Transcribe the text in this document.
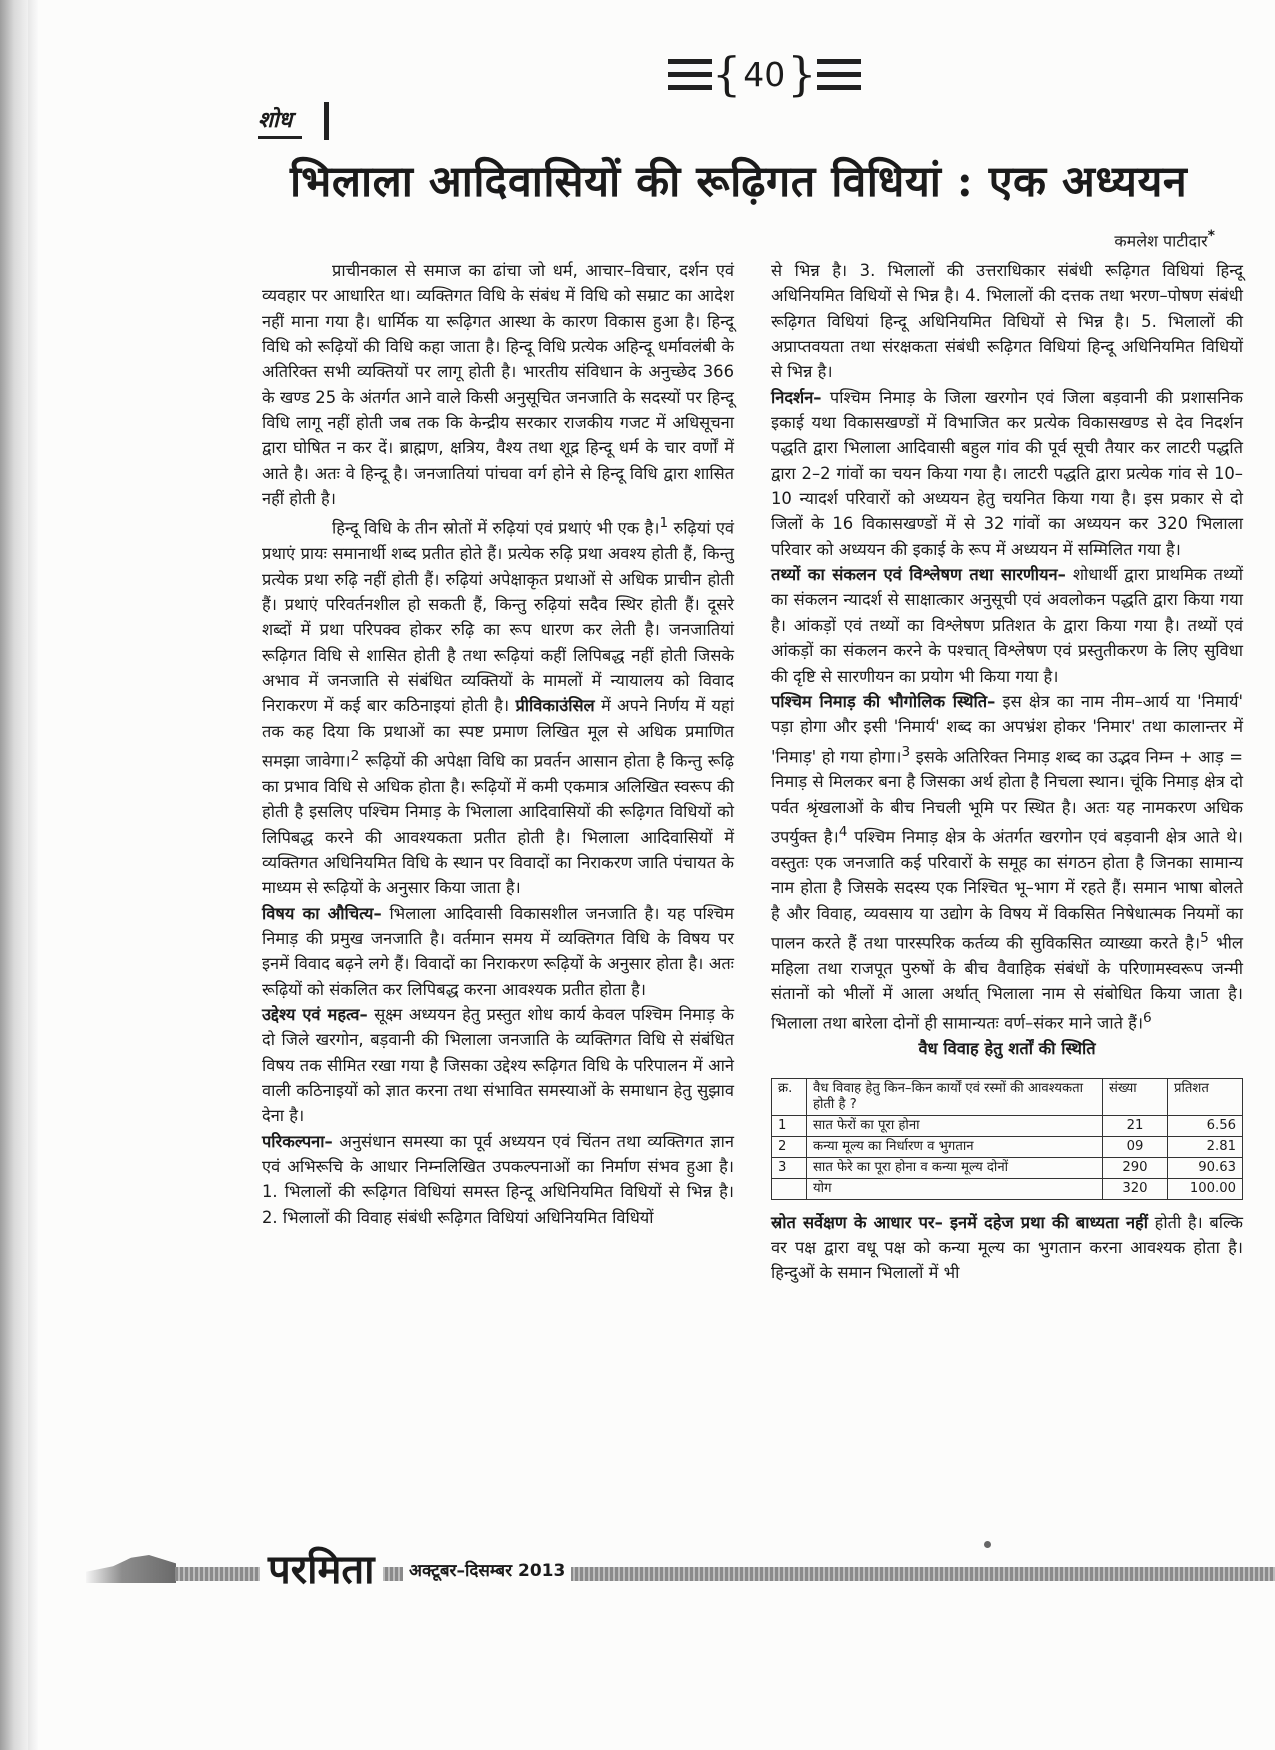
{ 40 }
शोध
भिलाला आदिवासियों की रूढ़िगत विधियां : एक अध्ययन
कमलेश पाटीदार*

प्राचीनकाल से समाज का ढांचा जो धर्म, आचार–विचार, दर्शन एवं व्यवहार पर आधारित था। व्यक्तिगत विधि के संबंध में विधि को सम्राट का आदेश नहीं माना गया है। धार्मिक या रूढ़िगत आस्था के कारण विकास हुआ है। हिन्दू विधि को रूढ़ियों की विधि कहा जाता है। हिन्दू विधि प्रत्येक अहिन्दू धर्मावलंबी के अतिरिक्त सभी व्यक्तियों पर लागू होती है। भारतीय संविधान के अनुच्छेद 366 के खण्ड 25 के अंतर्गत आने वाले किसी अनुसूचित जनजाति के सदस्यों पर हिन्दू विधि लागू नहीं होती जब तक कि केन्द्रीय सरकार राजकीय गजट में अधिसूचना द्वारा घोषित न कर दें। ब्राह्मण, क्षत्रिय, वैश्य तथा शूद्र हिन्दू धर्म के चार वर्णों में आते है। अतः वे हिन्दू है। जनजातियां पांचवा वर्ग होने से हिन्दू विधि द्वारा शासित नहीं होती है।

हिन्दू विधि के तीन स्रोतों में रुढ़ियां एवं प्रथाएं भी एक है।$^1$ रुढ़ियां एवं प्रथाएं प्रायः समानार्थी शब्द प्रतीत होते हैं। प्रत्येक रुढ़ि प्रथा अवश्य होती हैं, किन्तु प्रत्येक प्रथा रुढ़ि नहीं होती हैं। रुढ़ियां अपेक्षाकृत प्रथाओं से अधिक प्राचीन होती हैं। प्रथाएं परिवर्तनशील हो सकती हैं, किन्तु रुढ़ियां सदैव स्थिर होती हैं। दूसरे शब्दों में प्रथा परिपक्व होकर रुढ़ि का रूप धारण कर लेती है। जनजातियां रूढ़िगत विधि से शासित होती है तथा रूढ़ियां कहीं लिपिबद्ध नहीं होती जिसके अभाव में जनजाति से संबंधित व्यक्तियों के मामलों में न्यायालय को विवाद निराकरण में कई बार कठिनाइयां होती है। प्रीविकाउंसिल में अपने निर्णय में यहां तक कह दिया कि प्रथाओं का स्पष्ट प्रमाण लिखित मूल से अधिक प्रमाणित समझा जावेगा।$^2$ रूढ़ियों की अपेक्षा विधि का प्रवर्तन आसान होता है किन्तु रूढ़ि का प्रभाव विधि से अधिक होता है। रूढ़ियों में कमी एकमात्र अलिखित स्वरूप की होती है इसलिए पश्चिम निमाड़ के भिलाला आदिवासियों की रूढ़िगत विधियों को लिपिबद्ध करने की आवश्यकता प्रतीत होती है। भिलाला आदिवासियों में व्यक्तिगत अधिनियमित विधि के स्थान पर विवादों का निराकरण जाति पंचायत के माध्यम से रूढ़ियों के अनुसार किया जाता है।

विषय का औचित्य– भिलाला आदिवासी विकासशील जनजाति है। यह पश्चिम निमाड़ की प्रमुख जनजाति है। वर्तमान समय में व्यक्तिगत विधि के विषय पर इनमें विवाद बढ़ने लगे हैं। विवादों का निराकरण रूढ़ियों के अनुसार होता है। अतः रूढ़ियों को संकलित कर लिपिबद्ध करना आवश्यक प्रतीत होता है।

उद्देश्य एवं महत्व– सूक्ष्म अध्ययन हेतु प्रस्तुत शोध कार्य केवल पश्चिम निमाड़ के दो जिले खरगोन, बड़वानी की भिलाला जनजाति के व्यक्तिगत विधि से संबंधित विषय तक सीमित रखा गया है जिसका उद्देश्य रूढ़िगत विधि के परिपालन में आने वाली कठिनाइयों को ज्ञात करना तथा संभावित समस्याओं के समाधान हेतु सुझाव देना है।

परिकल्पना– अनुसंधान समस्या का पूर्व अध्ययन एवं चिंतन तथा व्यक्तिगत ज्ञान एवं अभिरूचि के आधार निम्नलिखित उपकल्पनाओं का निर्माण संभव हुआ है। 1. भिलालों की रूढ़िगत विधियां समस्त हिन्दू अधिनियमित विधियों से भिन्न है। 2. भिलालों की विवाह संबंधी रूढ़िगत विधियां अधिनियमित विधियों

से भिन्न है। 3. भिलालों की उत्तराधिकार संबंधी रूढ़िगत विधियां हिन्दू अधिनियमित विधियों से भिन्न है। 4. भिलालों की दत्तक तथा भरण–पोषण संबंधी रूढ़िगत विधियां हिन्दू अधिनियमित विधियों से भिन्न है। 5. भिलालों की अप्राप्तवयता तथा संरक्षकता संबंधी रूढ़िगत विधियां हिन्दू अधिनियमित विधियों से भिन्न है।

निदर्शन– पश्चिम निमाड़ के जिला खरगोन एवं जिला बड़वानी की प्रशासनिक इकाई यथा विकासखण्डों में विभाजित कर प्रत्येक विकासखण्ड से देव निदर्शन पद्धति द्वारा भिलाला आदिवासी बहुल गांव की पूर्व सूची तैयार कर लाटरी पद्धति द्वारा 2–2 गांवों का चयन किया गया है। लाटरी पद्धति द्वारा प्रत्येक गांव से 10–10 न्यादर्श परिवारों को अध्ययन हेतु चयनित किया गया है। इस प्रकार से दो जिलों के 16 विकासखण्डों में से 32 गांवों का अध्ययन कर 320 भिलाला परिवार को अध्ययन की इकाई के रूप में अध्ययन में सम्मिलित गया है।

तथ्यों का संकलन एवं विश्लेषण तथा सारणीयन– शोधार्थी द्वारा प्राथमिक तथ्यों का संकलन न्यादर्श से साक्षात्कार अनुसूची एवं अवलोकन पद्धति द्वारा किया गया है। आंकड़ों एवं तथ्यों का विश्लेषण प्रतिशत के द्वारा किया गया है। तथ्यों एवं आंकड़ों का संकलन करने के पश्चात् विश्लेषण एवं प्रस्तुतीकरण के लिए सुविधा की दृष्टि से सारणीयन का प्रयोग भी किया गया है।

पश्चिम निमाड़ की भौगोलिक स्थिति– इस क्षेत्र का नाम नीम–आर्य या 'निमार्य' पड़ा होगा और इसी 'निमार्य' शब्द का अपभ्रंश होकर 'निमार' तथा कालान्तर में 'निमाड़' हो गया होगा।$^3$ इसके अतिरिक्त निमाड़ शब्द का उद्भव निम्न + आड़ = निमाड़ से मिलकर बना है जिसका अर्थ होता है निचला स्थान। चूंकि निमाड़ क्षेत्र दो पर्वत श्रृंखलाओं के बीच निचली भूमि पर स्थित है। अतः यह नामकरण अधिक उपर्युक्त है।$^4$ पश्चिम निमाड़ क्षेत्र के अंतर्गत खरगोन एवं बड़वानी क्षेत्र आते थे। वस्तुतः एक जनजाति कई परिवारों के समूह का संगठन होता है जिनका सामान्य नाम होता है जिसके सदस्य एक निश्चित भू–भाग में रहते हैं। समान भाषा बोलते है और विवाह, व्यवसाय या उद्योग के विषय में विकसित निषेधात्मक नियमों का पालन करते हैं तथा पारस्परिक कर्तव्य की सुविकसित व्याख्या करते है।$^5$ भील महिला तथा राजपूत पुरुषों के बीच वैवाहिक संबंधों के परिणामस्वरूप जन्मी संतानों को भीलों में आला अर्थात् भिलाला नाम से संबोधित किया जाता है। भिलाला तथा बारेला दोनों ही सामान्यतः वर्ण–संकर माने जाते हैं।$^6$

वैध विवाह हेतु शर्तों की स्थिति

क्र.	वैध विवाह हेतु किन–किन कार्यों एवं रस्मों की आवश्यकता होती है ?	संख्या	प्रतिशत
1	सात फेरों का पूरा होना	21	6.56
2	कन्या मूल्य का निर्धारण व भुगतान	09	2.81
3	सात फेरे का पूरा होना व कन्या मूल्य दोनों	290	90.63
	योग	320	100.00

स्रोत सर्वेक्षण के आधार पर– इनमें दहेज प्रथा की बाध्यता नहीं होती है। बल्कि वर पक्ष द्वारा वधू पक्ष को कन्या मूल्य का भुगतान करना आवश्यक होता है। हिन्दुओं के समान भिलालों में भी

परमिता	अक्टूबर–दिसम्बर 2013
